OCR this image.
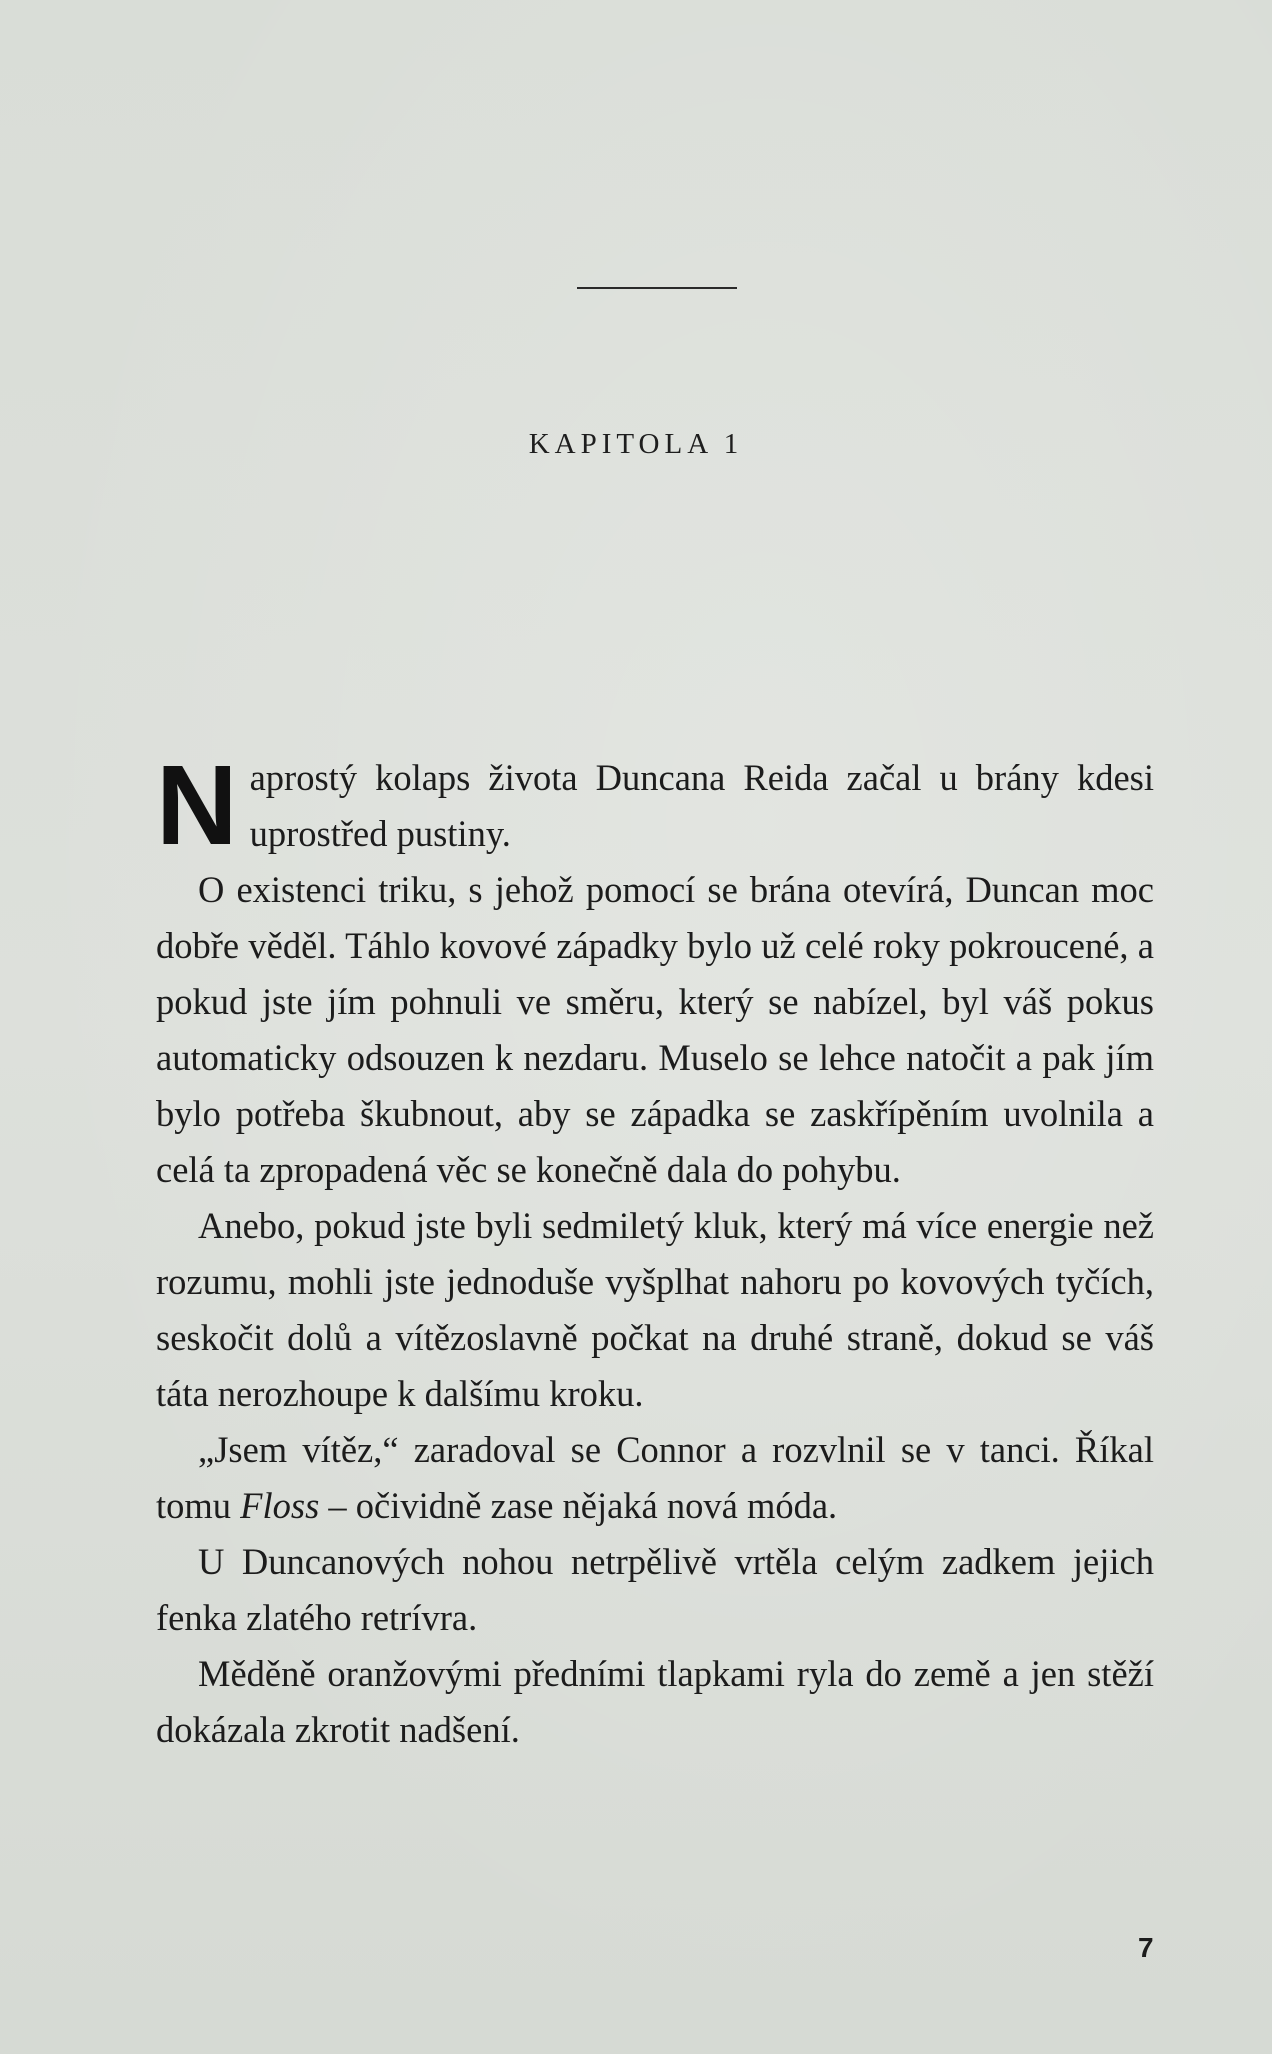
KAPITOLA 1

Naprostý kolaps života Duncana Reida začal u brány kdesi uprostřed pustiny.

O existenci triku, s jehož pomocí se brána otevírá, Duncan moc dobře věděl. Táhlo kovové západky bylo už celé roky pokroucené, a pokud jste jím pohnuli ve směru, který se nabízel, byl váš pokus automaticky odsouzen k nezdaru. Muselo se lehce natočit a pak jím bylo potřeba škubnout, aby se západka se zaskřípěním uvolnila a celá ta zpropadená věc se konečně dala do pohybu.

Anebo, pokud jste byli sedmiletý kluk, který má více energie než rozumu, mohli jste jednoduše vyšplhat nahoru po kovových tyčích, seskočit dolů a vítězoslavně počkat na druhé straně, dokud se váš táta nerozhoupe k dalšímu kroku.

„Jsem vítěz,“ zaradoval se Connor a rozvlnil se v tanci. Říkal tomu Floss – očividně zase nějaká nová móda.

U Duncanových nohou netrpělivě vrtěla celým zadkem jejich fenka zlatého retrívra.

Měděně oranžovými předními tlapkami ryla do země a jen stěží dokázala zkrotit nadšení.

7
